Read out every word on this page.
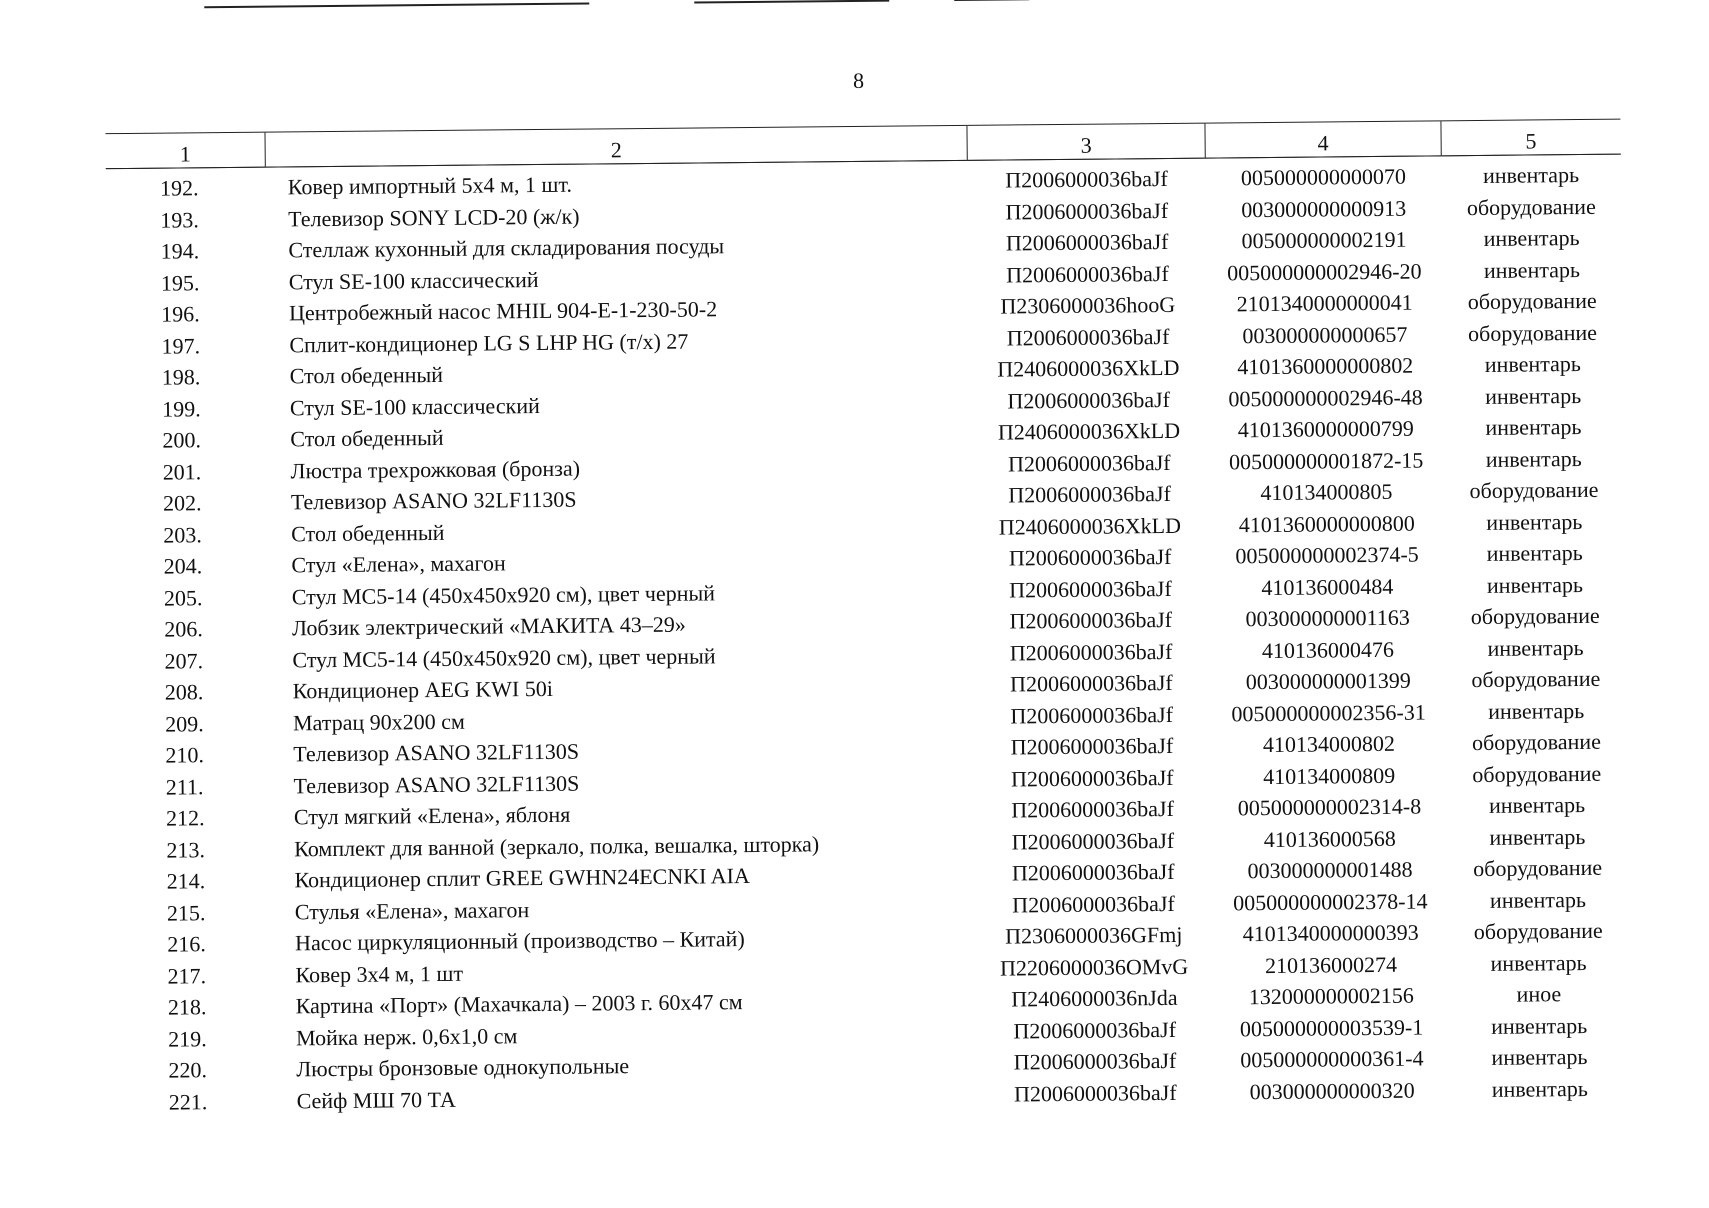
8
1	2	3	4	5
192.	Ковер импортный 5x4 м, 1 шт.	П2006000036baJf	005000000000070	инвентарь
193.	Телевизор SONY LCD-20 (ж/к)	П2006000036baJf	003000000000913	оборудование
194.	Стеллаж кухонный для складирования посуды	П2006000036baJf	005000000002191	инвентарь
195.	Стул SE-100 классический	П2006000036baJf	005000000002946-20	инвентарь
196.	Центробежный насос MHIL 904-E-1-230-50-2	П2306000036hooG	2101340000000041	оборудование
197.	Сплит-кондиционер LG S LHP HG (т/х) 27	П2006000036baJf	003000000000657	оборудование
198.	Стол обеденный	П2406000036XkLD	4101360000000802	инвентарь
199.	Стул SE-100 классический	П2006000036baJf	005000000002946-48	инвентарь
200.	Стол обеденный	П2406000036XkLD	4101360000000799	инвентарь
201.	Люстра трехрожковая (бронза)	П2006000036baJf	005000000001872-15	инвентарь
202.	Телевизор ASANO 32LF1130S	П2006000036baJf	410134000805	оборудование
203.	Стол обеденный	П2406000036XkLD	4101360000000800	инвентарь
204.	Стул «Елена», махагон	П2006000036baJf	005000000002374-5	инвентарь
205.	Стул МС5-14 (450x450x920 см), цвет черный	П2006000036baJf	410136000484	инвентарь
206.	Лобзик электрический «МАКИТА 43–29»	П2006000036baJf	003000000001163	оборудование
207.	Стул МС5-14 (450x450x920 см), цвет черный	П2006000036baJf	410136000476	инвентарь
208.	Кондиционер AEG KWI 50i	П2006000036baJf	003000000001399	оборудование
209.	Матрац 90x200 см	П2006000036baJf	005000000002356-31	инвентарь
210.	Телевизор ASANO 32LF1130S	П2006000036baJf	410134000802	оборудование
211.	Телевизор ASANO 32LF1130S	П2006000036baJf	410134000809	оборудование
212.	Стул мягкий «Елена», яблоня	П2006000036baJf	005000000002314-8	инвентарь
213.	Комплект для ванной (зеркало, полка, вешалка, шторка)	П2006000036baJf	410136000568	инвентарь
214.	Кондиционер сплит GREE GWHN24ECNKI AIA	П2006000036baJf	003000000001488	оборудование
215.	Стулья «Елена», махагон	П2006000036baJf	005000000002378-14	инвентарь
216.	Насос циркуляционный (производство – Китай)	П2306000036GFmj	4101340000000393	оборудование
217.	Ковер 3x4 м, 1 шт	П2206000036OMvG	210136000274	инвентарь
218.	Картина «Порт» (Махачкала) – 2003 г. 60x47 см	П2406000036nJda	132000000002156	иное
219.	Мойка нерж. 0,6x1,0 см	П2006000036baJf	005000000003539-1	инвентарь
220.	Люстры бронзовые однокупольные	П2006000036baJf	005000000000361-4	инвентарь
221.	Сейф МШ 70 ТА	П2006000036baJf	003000000000320	инвентарь
